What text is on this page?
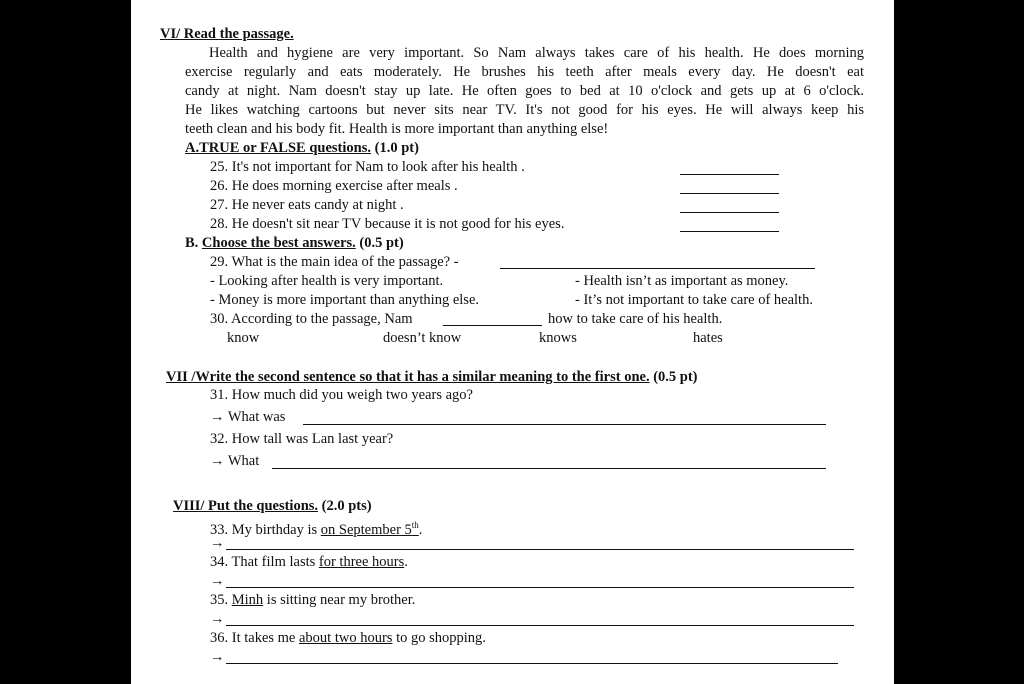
VI/ Read the passage.
Health and hygiene are very important. So Nam always takes care of his health. He does morning
exercise regularly and eats moderately. He brushes his teeth after meals every day. He doesn't eat
candy at night. Nam doesn't stay up late. He often goes to bed at 10 o'clock and gets up at 6 o'clock.
He likes watching cartoons but never sits near TV. It's not good for his eyes. He will always keep his
teeth clean and his body fit. Health is more important than anything else!
A.TRUE or FALSE questions. (1.0 pt)
25. It's not important for Nam to look after his health .
26. He does morning exercise after meals .
27. He never eats candy at night .
28. He doesn't sit near TV because it is not good for his eyes.
B. Choose the best answers. (0.5 pt)
29. What is the main idea of the passage? -
- Looking after health is very important.	- Health isn’t as important as money.
- Money is more important than anything else.	- It’s not important to take care of health.
30. According to the passage, Nam	how to take care of his health.
know	doesn’t know	knows	hates
VII /Write the second sentence so that it has a similar meaning to the first one. (0.5 pt)
31. How much did you weigh two years ago?
→ What was
32. How tall was Lan last year?
→ What
VIII/ Put the questions. (2.0 pts)
33. My birthday is on September 5th.
→
34. That film lasts for three hours.
→
35. Minh is sitting near my brother.
→
36. It takes me about two hours to go shopping.
→
